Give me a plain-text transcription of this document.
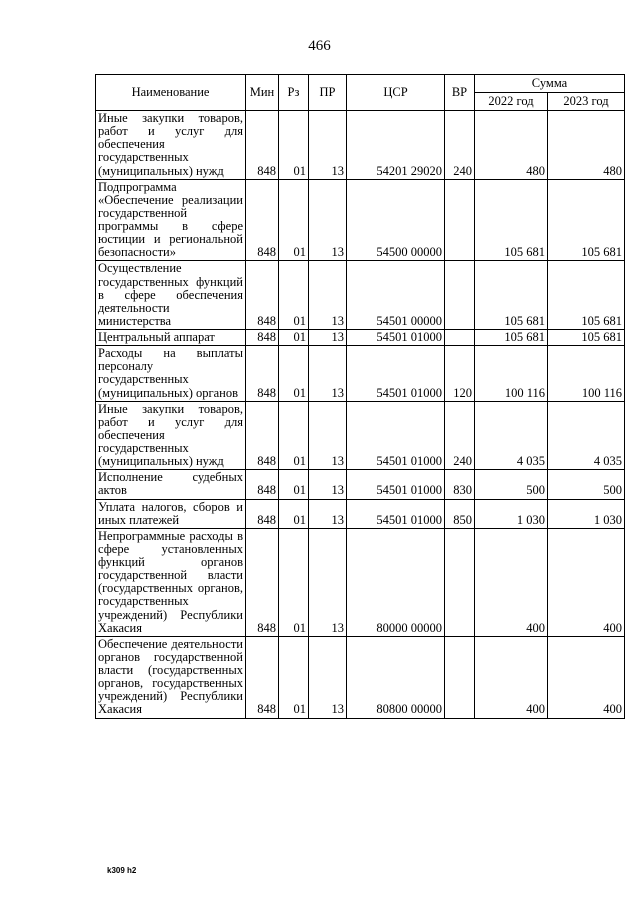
466
Наименование	Мин	Рз	ПР	ЦСР	ВР	Сумма	
						2022 год	2023 год
Иные закупки товаров, работ и услуг для обеспечения государственных (муниципальных) нужд	848	01	13	54201 29020	240	480	480
Подпрограмма «Обеспечение реализации государственной программы в сфере юстиции и региональной безопасности»	848	01	13	54500 00000		105 681	105 681
Осуществление государственных функций в сфере обеспечения деятельности министерства	848	01	13	54501 00000		105 681	105 681
Центральный аппарат	848	01	13	54501 01000		105 681	105 681
Расходы на выплаты персоналу государственных (муниципальных) органов	848	01	13	54501 01000	120	100 116	100 116
Иные закупки товаров, работ и услуг для обеспечения государственных (муниципальных) нужд	848	01	13	54501 01000	240	4 035	4 035
Исполнение судебных актов	848	01	13	54501 01000	830	500	500
Уплата налогов, сборов и иных платежей	848	01	13	54501 01000	850	1 030	1 030
Непрограммные расходы в сфере установленных функций органов государственной власти (государственных органов, государственных учреждений) Республики Хакасия	848	01	13	80000 00000		400	400
Обеспечение деятельности органов государственной власти (государственных органов, государственных учреждений) Республики Хакасия	848	01	13	80800 00000		400	400
k309 h2
